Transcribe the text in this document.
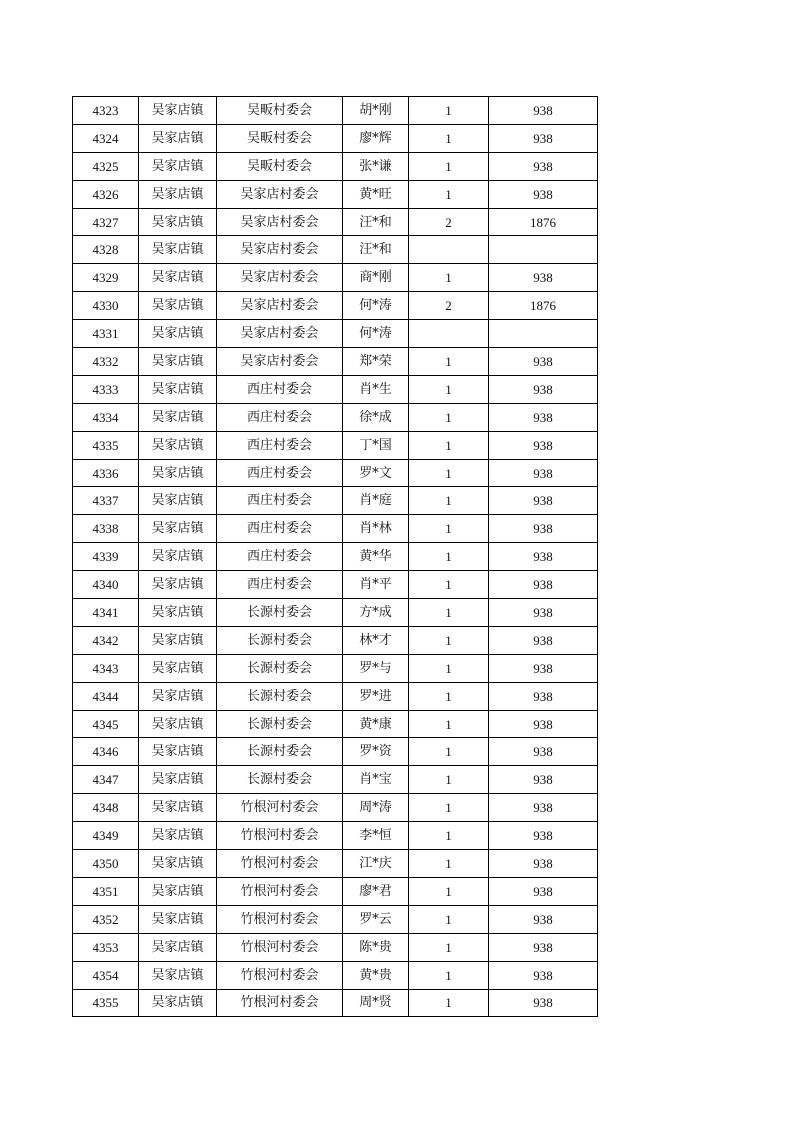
4323	吴家店镇	吴畈村委会	胡*刚	1	938
4324	吴家店镇	吴畈村委会	廖*辉	1	938
4325	吴家店镇	吴畈村委会	张*谦	1	938
4326	吴家店镇	吴家店村委会	黄*旺	1	938
4327	吴家店镇	吴家店村委会	汪*和	2	1876
4328	吴家店镇	吴家店村委会	汪*和		
4329	吴家店镇	吴家店村委会	商*刚	1	938
4330	吴家店镇	吴家店村委会	何*涛	2	1876
4331	吴家店镇	吴家店村委会	何*涛		
4332	吴家店镇	吴家店村委会	郑*荣	1	938
4333	吴家店镇	西庄村委会	肖*生	1	938
4334	吴家店镇	西庄村委会	徐*成	1	938
4335	吴家店镇	西庄村委会	丁*国	1	938
4336	吴家店镇	西庄村委会	罗*文	1	938
4337	吴家店镇	西庄村委会	肖*庭	1	938
4338	吴家店镇	西庄村委会	肖*林	1	938
4339	吴家店镇	西庄村委会	黄*华	1	938
4340	吴家店镇	西庄村委会	肖*平	1	938
4341	吴家店镇	长源村委会	方*成	1	938
4342	吴家店镇	长源村委会	林*才	1	938
4343	吴家店镇	长源村委会	罗*与	1	938
4344	吴家店镇	长源村委会	罗*进	1	938
4345	吴家店镇	长源村委会	黄*康	1	938
4346	吴家店镇	长源村委会	罗*资	1	938
4347	吴家店镇	长源村委会	肖*宝	1	938
4348	吴家店镇	竹根河村委会	周*涛	1	938
4349	吴家店镇	竹根河村委会	李*恒	1	938
4350	吴家店镇	竹根河村委会	江*庆	1	938
4351	吴家店镇	竹根河村委会	廖*君	1	938
4352	吴家店镇	竹根河村委会	罗*云	1	938
4353	吴家店镇	竹根河村委会	陈*贵	1	938
4354	吴家店镇	竹根河村委会	黄*贵	1	938
4355	吴家店镇	竹根河村委会	周*贤	1	938
